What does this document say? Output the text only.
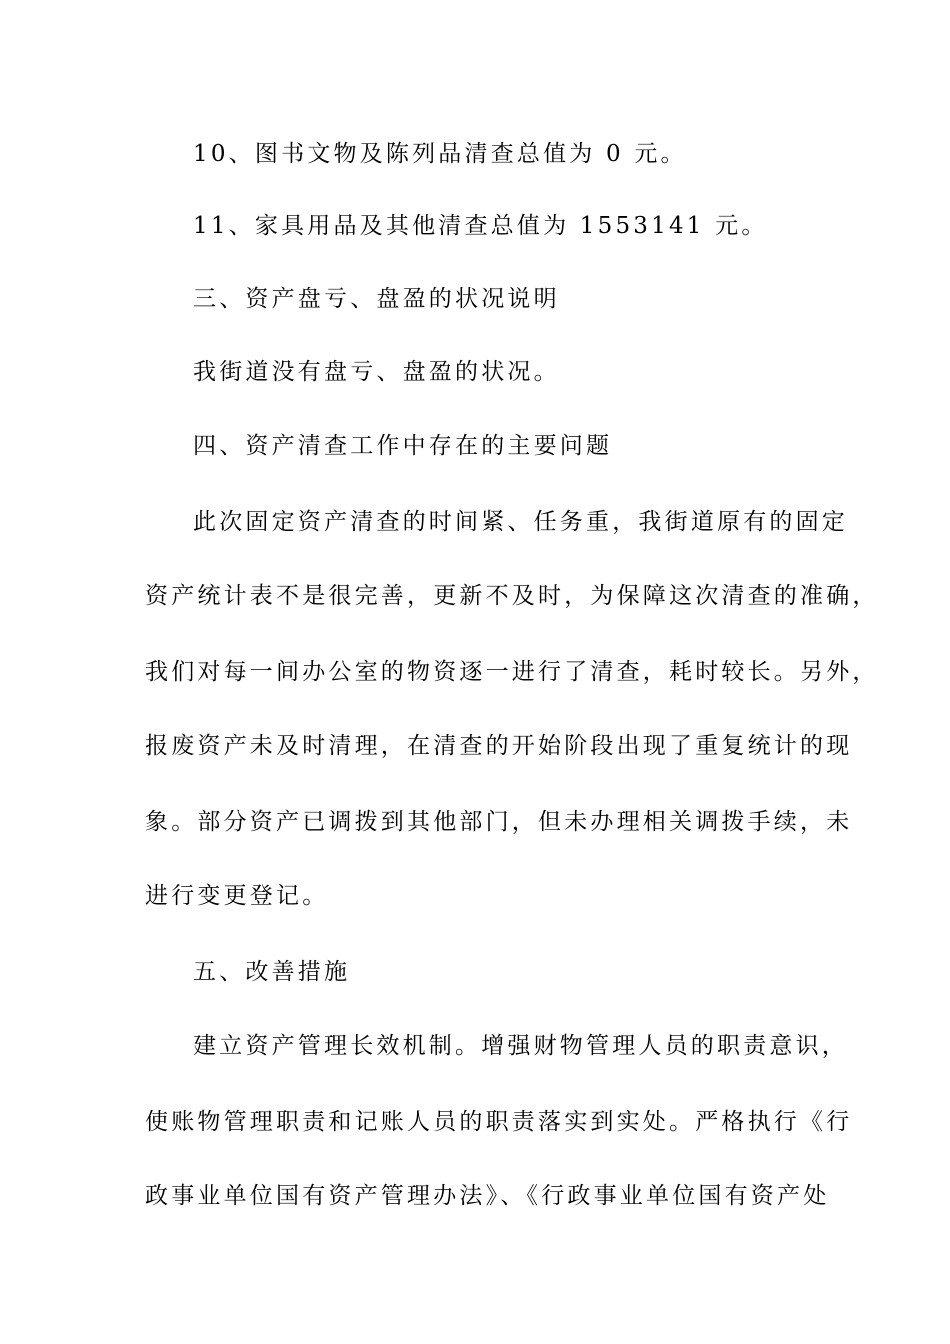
10、图书文物及陈列品清查总值为 0 元。
11、家具用品及其他清查总值为 1553141 元。
三、资产盘亏、盘盈的状况说明
我街道没有盘亏、盘盈的状况。
四、资产清查工作中存在的主要问题
此次固定资产清查的时间紧、任务重，我街道原有的固定
资产统计表不是很完善，更新不及时，为保障这次清查的准确，
我们对每一间办公室的物资逐一进行了清查，耗时较长。另外，
报废资产未及时清理，在清查的开始阶段出现了重复统计的现
象。部分资产已调拨到其他部门，但未办理相关调拨手续，未
进行变更登记。
五、改善措施
建立资产管理长效机制。增强财物管理人员的职责意识，
使账物管理职责和记账人员的职责落实到实处。严格执行《行
政事业单位国有资产管理办法》、《行政事业单位国有资产处
